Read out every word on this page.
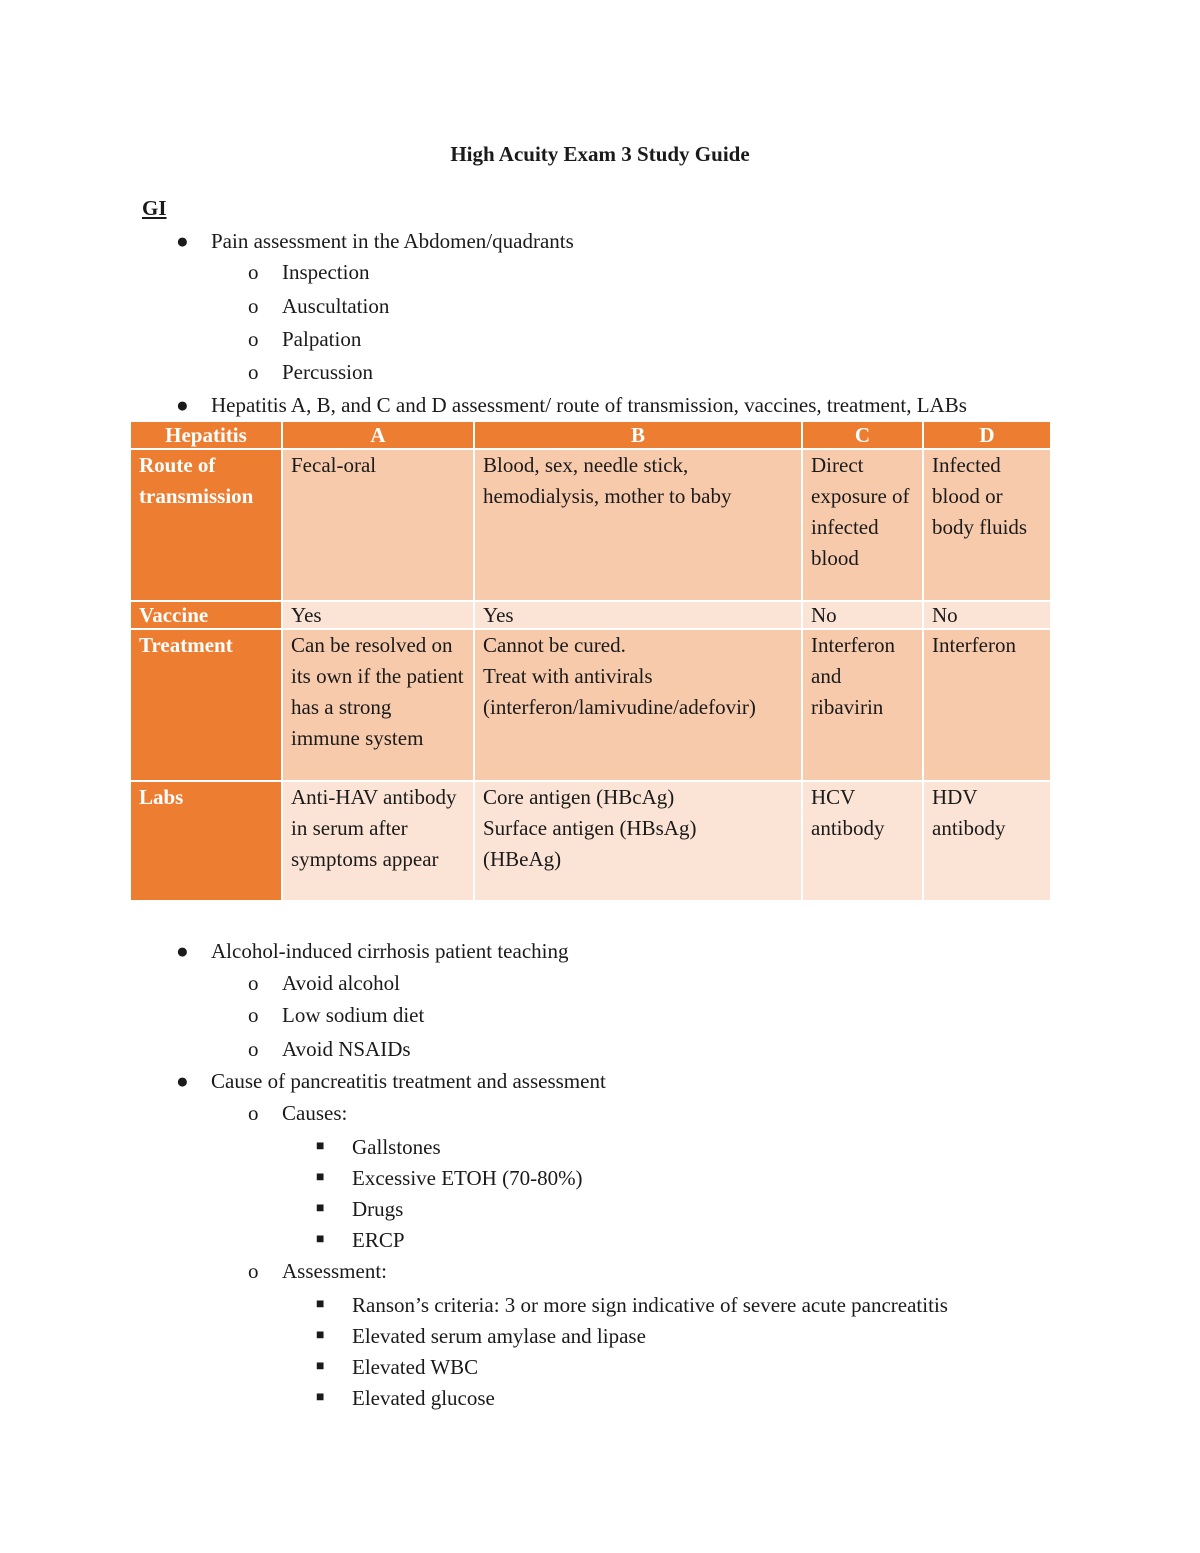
High Acuity Exam 3 Study Guide
GI
● Pain assessment in the Abdomen/quadrants
o Inspection
o Auscultation
o Palpation
o Percussion
● Hepatitis A, B, and C and D assessment/ route of transmission, vaccines, treatment, LABs
Hepatitis	A	B	C	D
Route of transmission	Fecal-oral	Blood, sex, needle stick, hemodialysis, mother to baby	Direct exposure of infected blood	Infected blood or body fluids
Vaccine	Yes	Yes	No	No
Treatment	Can be resolved on its own if the patient has a strong immune system	Cannot be cured.
Treat with antivirals (interferon/lamivudine/adefovir)	Interferon and ribavirin	Interferon
Labs	Anti-HAV antibody in serum after symptoms appear	Core antigen (HBcAg)
Surface antigen (HBsAg)
(HBeAg)	HCV antibody	HDV antibody
● Alcohol-induced cirrhosis patient teaching
o Avoid alcohol
o Low sodium diet
o Avoid NSAIDs
● Cause of pancreatitis treatment and assessment
o Causes:
■ Gallstones
■ Excessive ETOH (70-80%)
■ Drugs
■ ERCP
o Assessment:
■ Ranson’s criteria: 3 or more sign indicative of severe acute pancreatitis
■ Elevated serum amylase and lipase
■ Elevated WBC
■ Elevated glucose
